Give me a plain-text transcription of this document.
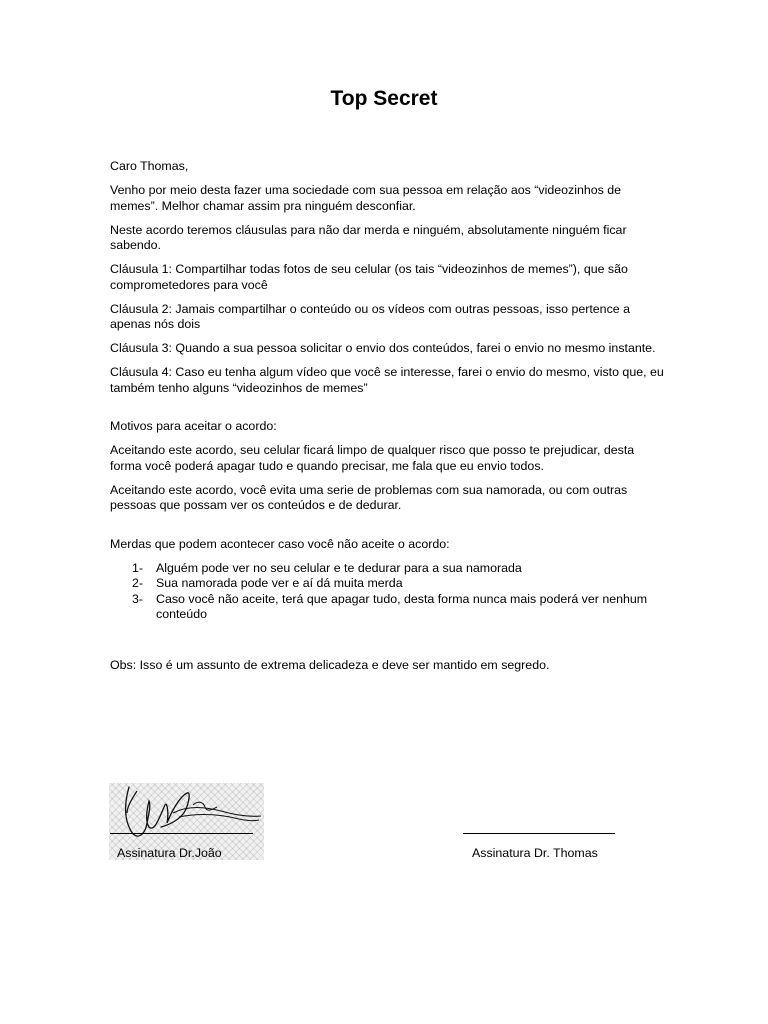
Top Secret

Caro Thomas,

Venho por meio desta fazer uma sociedade com sua pessoa em relação aos “videozinhos de memes”. Melhor chamar assim pra ninguém desconfiar.

Neste acordo teremos cláusulas para não dar merda e ninguém, absolutamente ninguém ficar sabendo.

Cláusula 1: Compartilhar todas fotos de seu celular (os tais “videozinhos de memes”), que são comprometedores para você

Cláusula 2: Jamais compartilhar o conteúdo ou os vídeos com outras pessoas, isso pertence a apenas nós dois

Cláusula 3: Quando a sua pessoa solicitar o envio dos conteúdos, farei o envio no mesmo instante.

Cláusula 4: Caso eu tenha algum vídeo que você se interesse, farei o envio do mesmo, visto que, eu também tenho alguns “videozinhos de memes”

Motivos para aceitar o acordo:

Aceitando este acordo, seu celular ficará limpo de qualquer risco que posso te prejudicar, desta forma você poderá apagar tudo e quando precisar, me fala que eu envio todos.

Aceitando este acordo, você evita uma serie de problemas com sua namorada, ou com outras pessoas que possam ver os conteúdos e de dedurar.

Merdas que podem acontecer caso você não aceite o acordo:

1- Alguém pode ver no seu celular e te dedurar para a sua namorada
2- Sua namorada pode ver e aí dá muita merda
3- Caso você não aceite, terá que apagar tudo, desta forma nunca mais poderá ver nenhum conteúdo

Obs: Isso é um assunto de extrema delicadeza e deve ser mantido em segredo.

Assinatura Dr.João	Assinatura Dr. Thomas
